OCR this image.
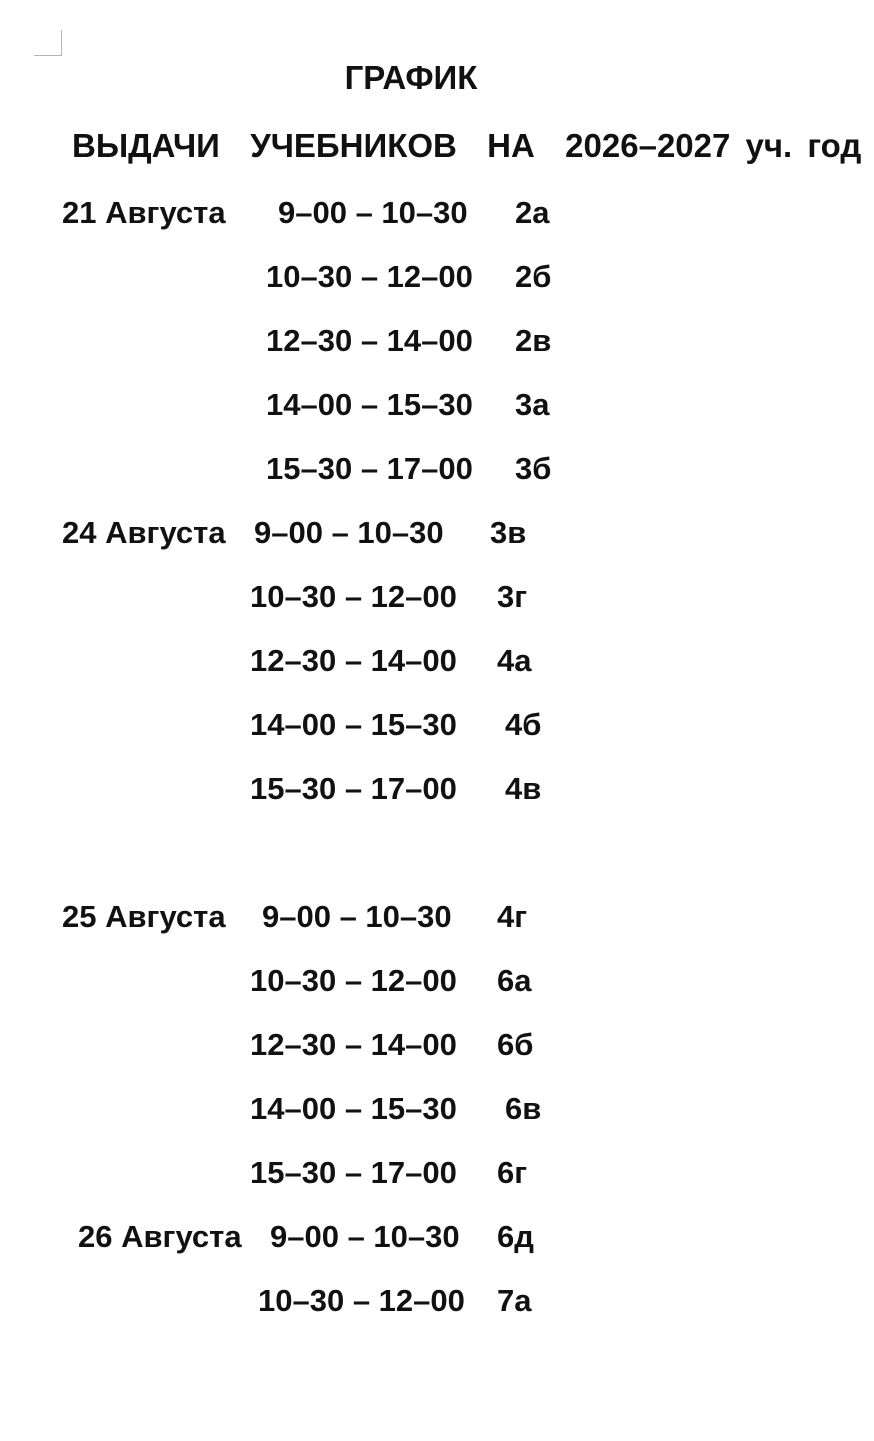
ГРАФИК
ВЫДАЧИ  УЧЕБНИКОВ  НА  2026–2027 уч. год

21 Августа

9–00 – 10–30

2а

10–30 – 12–00

2б

12–30 – 14–00

2в

14–00 – 15–30

3а

15–30 – 17–00

3б

24 Августа

9–00 – 10–30

3в

10–30 – 12–00

3г

12–30 – 14–00

4а

14–00 – 15–30

4б

15–30 – 17–00

4в

25 Августа

9–00 – 10–30

4г

10–30 – 12–00

6а

12–30 – 14–00

6б

14–00 – 15–30

6в

15–30 – 17–00

6г

26 Августа

9–00 – 10–30

6д

10–30 – 12–00

7а
